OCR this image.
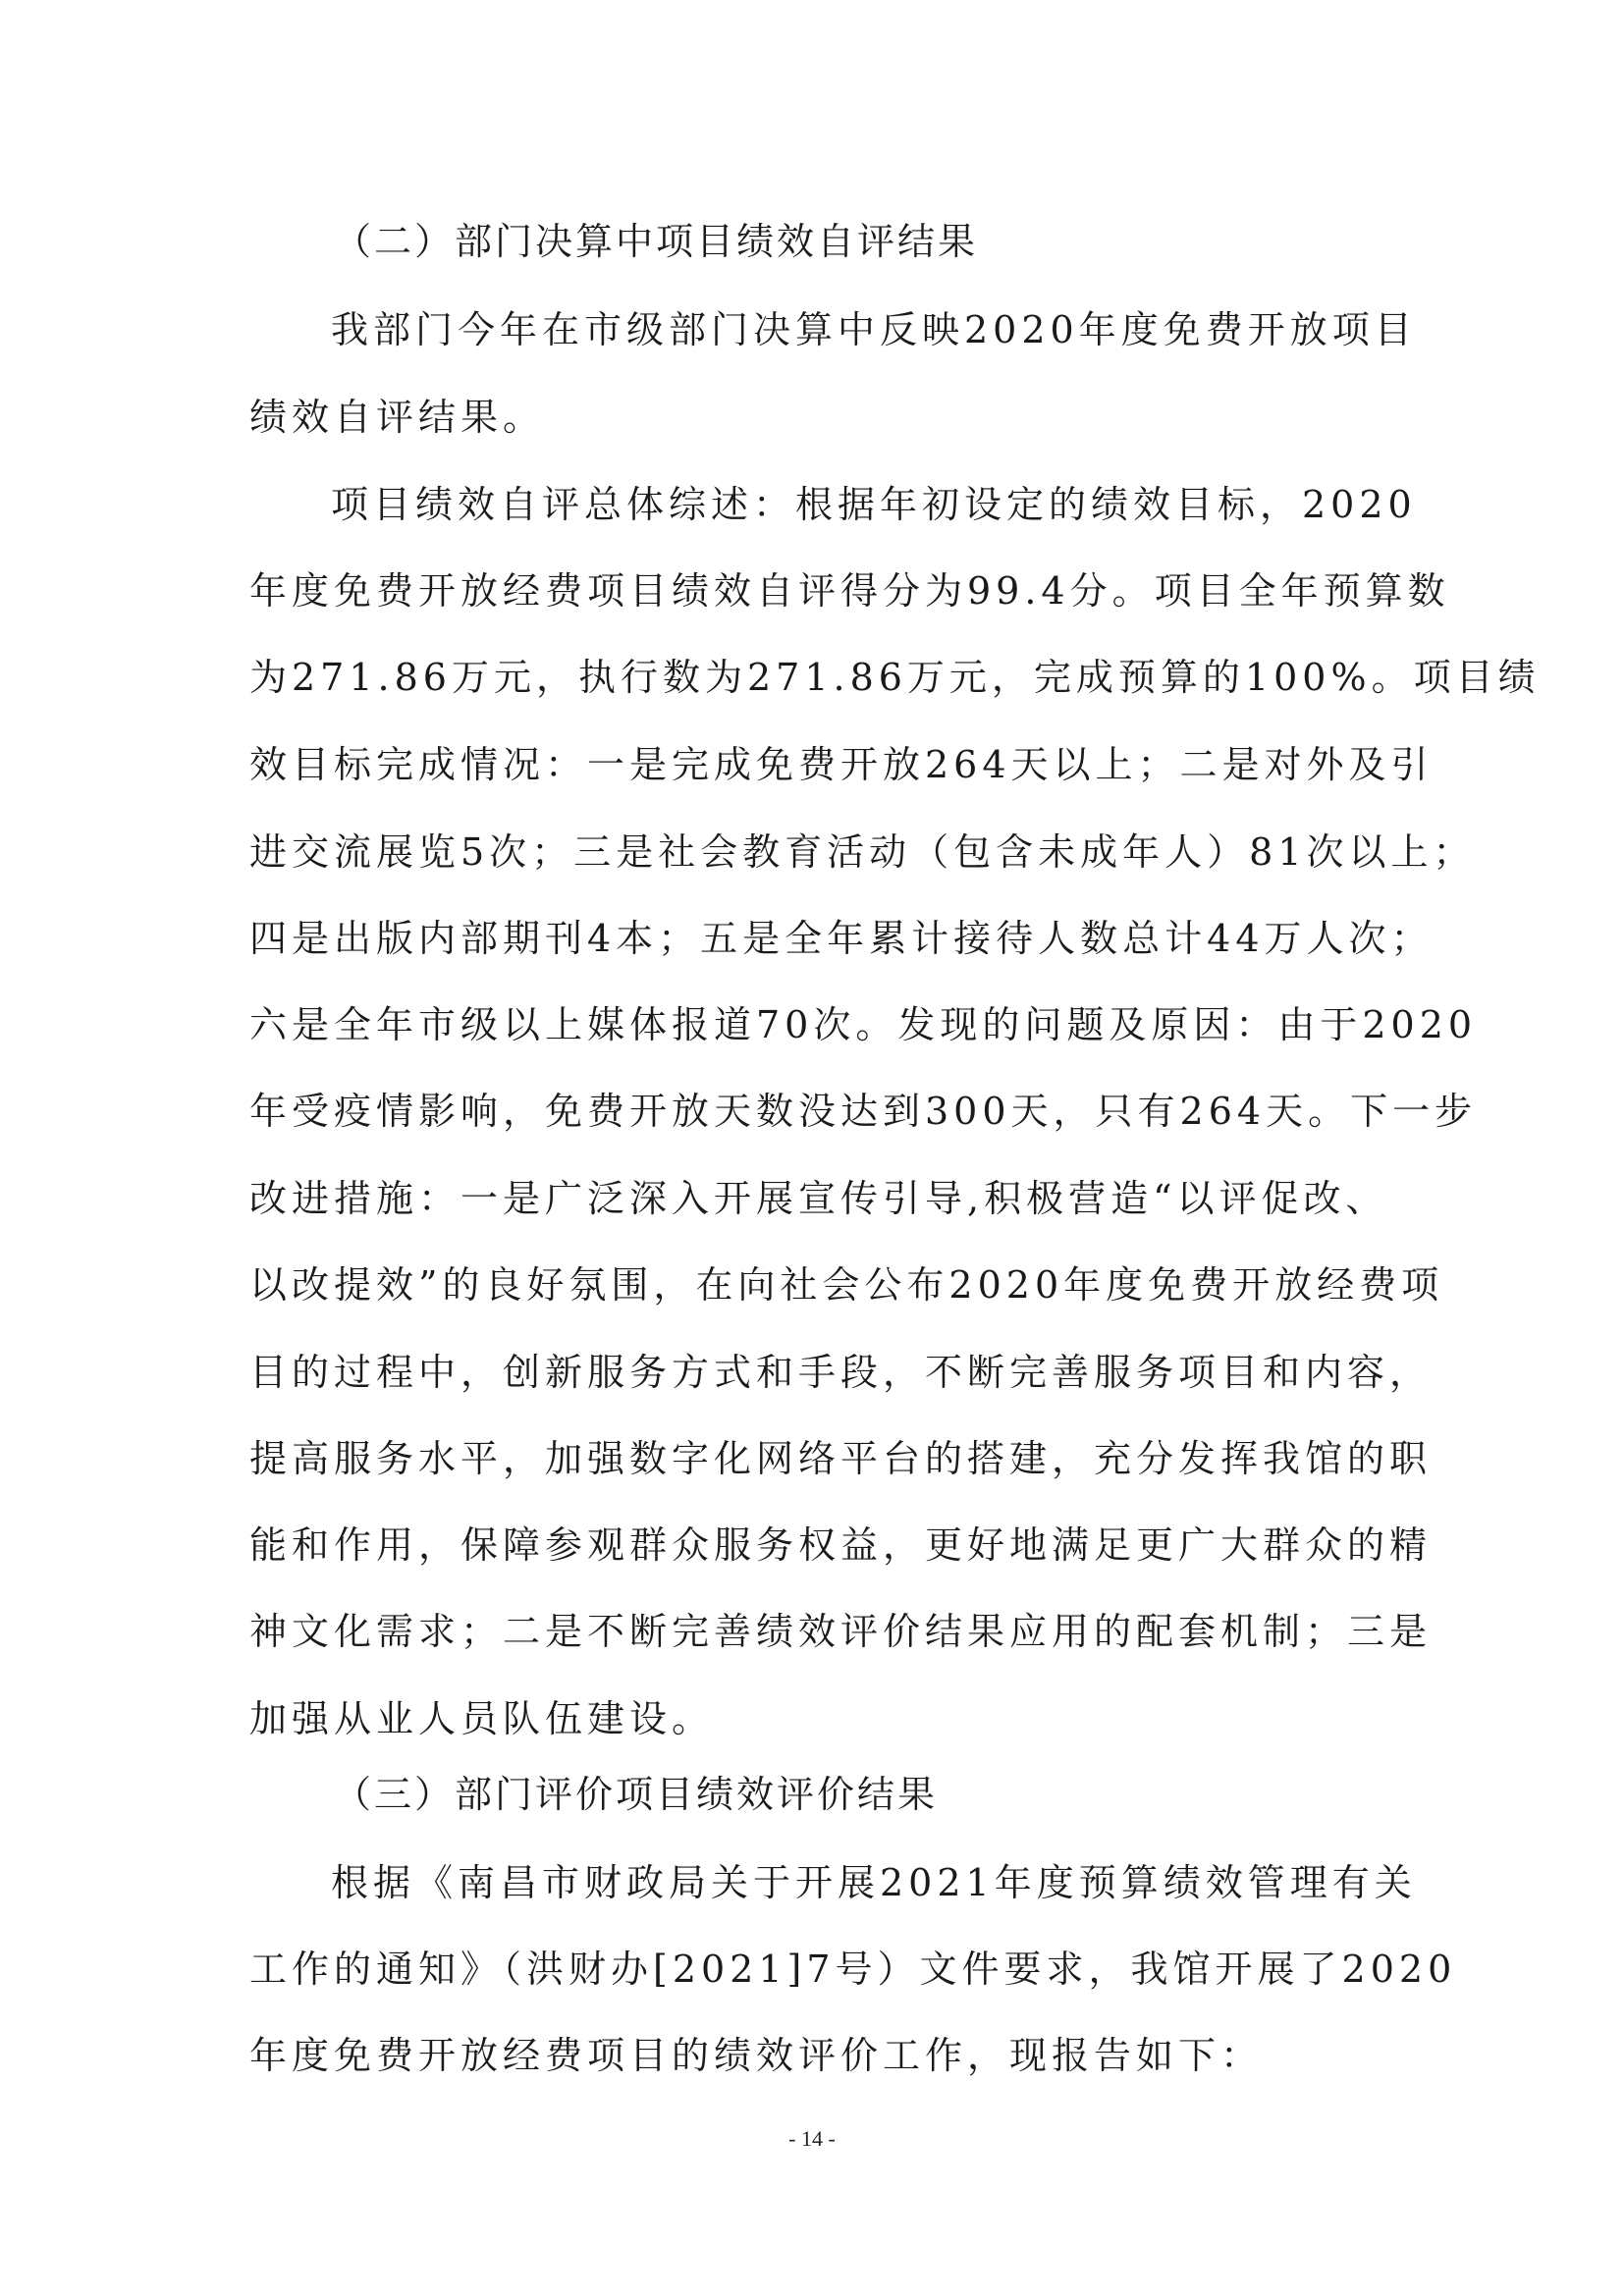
（二）部门决算中项目绩效自评结果
我部门今年在市级部门决算中反映2020年度免费开放项目
绩效自评结果。
项目绩效自评总体综述：根据年初设定的绩效目标，2020
年度免费开放经费项目绩效自评得分为99.4分。项目全年预算数
为271.86万元，执行数为271.86万元，完成预算的100%。项目绩
效目标完成情况：一是完成免费开放264天以上；二是对外及引
进交流展览5次；三是社会教育活动（包含未成年人）81次以上；
四是出版内部期刊4本；五是全年累计接待人数总计44万人次；
六是全年市级以上媒体报道70次。发现的问题及原因：由于2020
年受疫情影响，免费开放天数没达到300天，只有264天。下一步
改进措施：一是广泛深入开展宣传引导,积极营造“以评促改、
以改提效”的良好氛围，在向社会公布2020年度免费开放经费项
目的过程中，创新服务方式和手段，不断完善服务项目和内容，
提高服务水平，加强数字化网络平台的搭建，充分发挥我馆的职
能和作用，保障参观群众服务权益，更好地满足更广大群众的精
神文化需求；二是不断完善绩效评价结果应用的配套机制；三是
加强从业人员队伍建设。
（三）部门评价项目绩效评价结果
根据《南昌市财政局关于开展2021年度预算绩效管理有关
工作的通知》（洪财办[2021]7号）文件要求，我馆开展了2020
年度免费开放经费项目的绩效评价工作，现报告如下：
- 14 -
